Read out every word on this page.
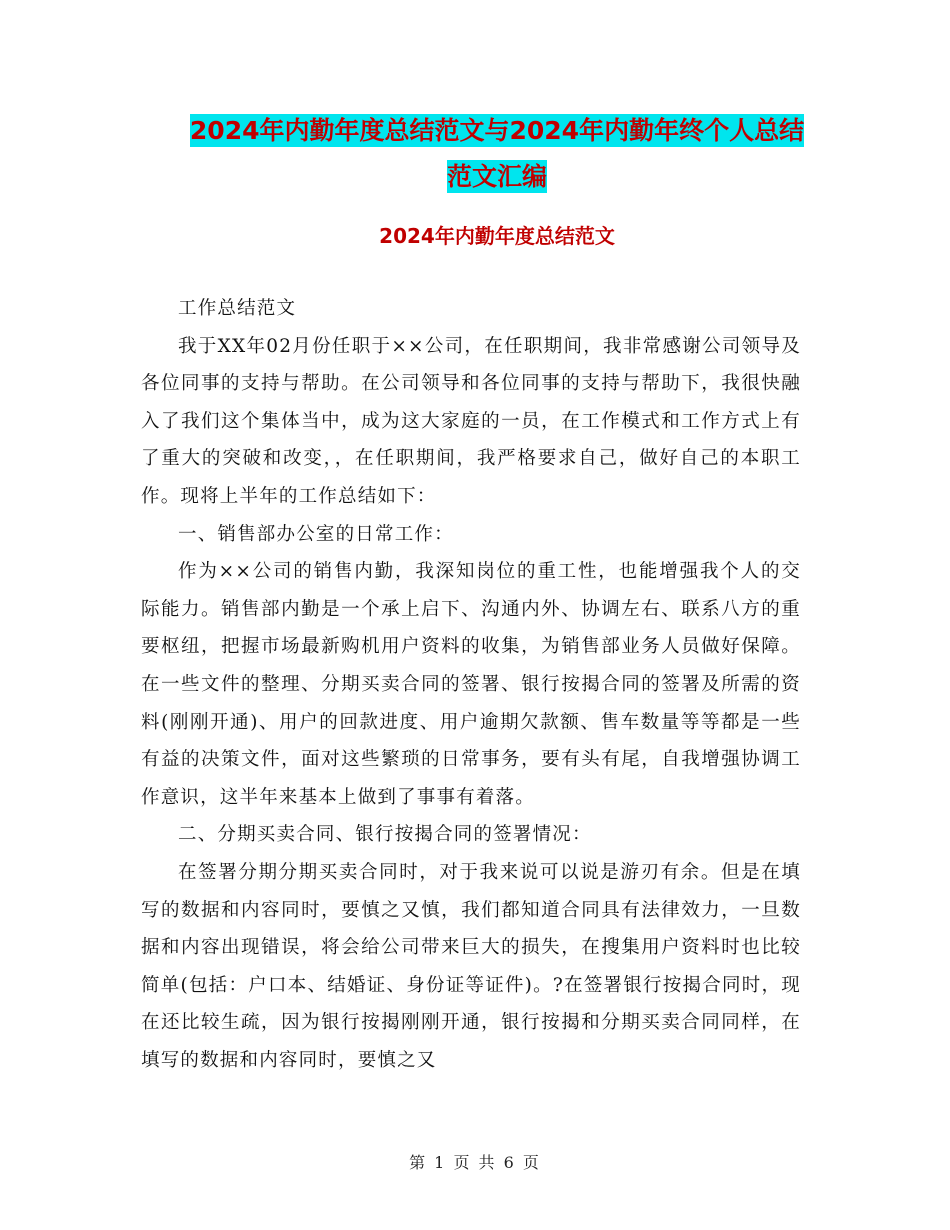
2024年内勤年度总结范文与2024年内勤年终个人总结
范文汇编
2024年内勤年度总结范文

工作总结范文

我于XX年02月份任职于××公司，在任职期间，我非常感谢公司领导及各位同事的支持与帮助。在公司领导和各位同事的支持与帮助下，我很快融入了我们这个集体当中，成为这大家庭的一员，在工作模式和工作方式上有了重大的突破和改变，，在任职期间，我严格要求自己，做好自己的本职工作。现将上半年的工作总结如下：

一、销售部办公室的日常工作：

作为××公司的销售内勤，我深知岗位的重工性，也能增强我个人的交际能力。销售部内勤是一个承上启下、沟通内外、协调左右、联系八方的重要枢纽，把握市场最新购机用户资料的收集，为销售部业务人员做好保障。在一些文件的整理、分期买卖合同的签署、银行按揭合同的签署及所需的资料(刚刚开通)、用户的回款进度、用户逾期欠款额、售车数量等等都是一些有益的决策文件，面对这些繁琐的日常事务，要有头有尾，自我增强协调工作意识，这半年来基本上做到了事事有着落。

二、分期买卖合同、银行按揭合同的签署情况：

在签署分期分期买卖合同时，对于我来说可以说是游刃有余。但是在填写的数据和内容同时，要慎之又慎，我们都知道合同具有法律效力，一旦数据和内容出现错误，将会给公司带来巨大的损失，在搜集用户资料时也比较简单(包括：户口本、结婚证、身份证等证件)。?在签署银行按揭合同时，现在还比较生疏，因为银行按揭刚刚开通，银行按揭和分期买卖合同同样，在填写的数据和内容同时，要慎之又

第 1 页 共 6 页
